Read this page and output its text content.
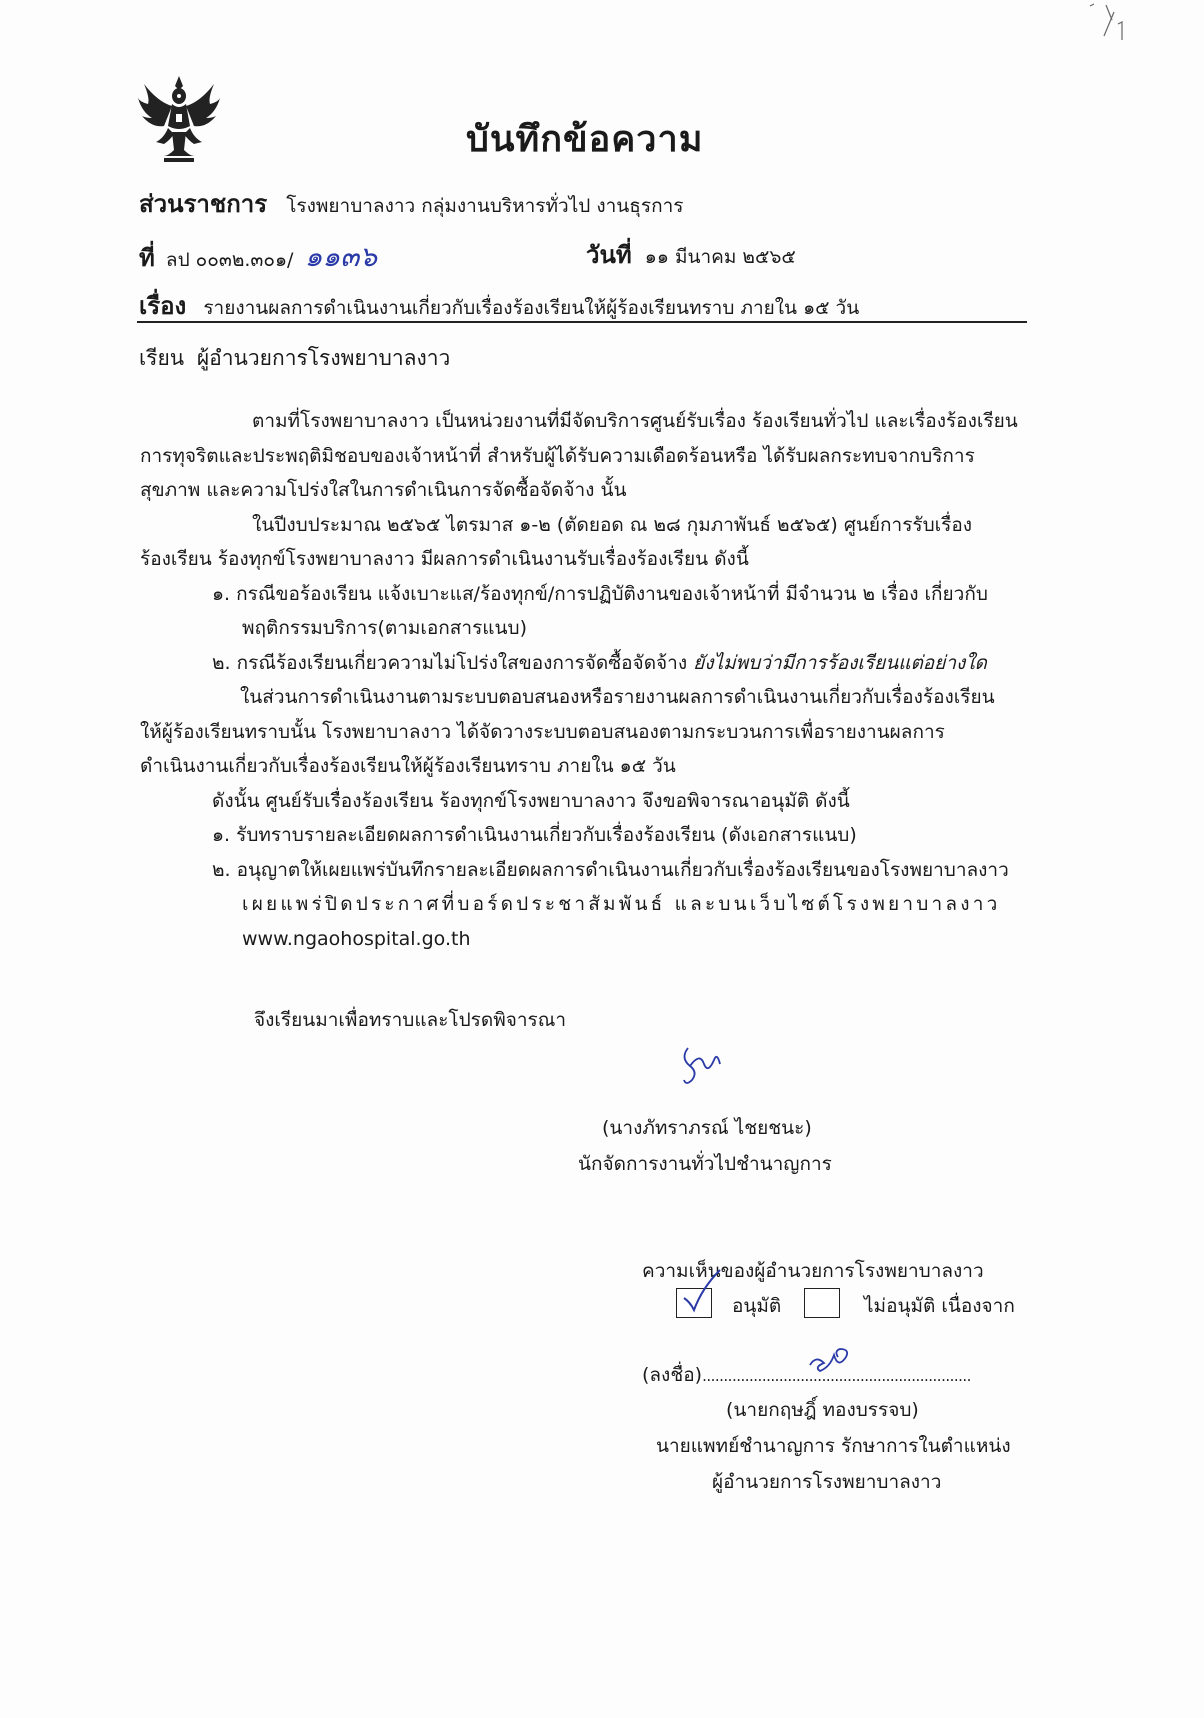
บันทึกข้อความ
ส่วนราชการ โรงพยาบาลงาว กลุ่มงานบริหารทั่วไป งานธุรการ
ที่ ลป ๐๐๓๒.๓๐๑/ ๑๑๓๖	วันที่ ๑๑ มีนาคม ๒๕๖๕
เรื่อง รายงานผลการดำเนินงานเกี่ยวกับเรื่องร้องเรียนให้ผู้ร้องเรียนทราบ ภายใน ๑๕ วัน
เรียน ผู้อำนวยการโรงพยาบาลงาว

ตามที่โรงพยาบาลงาว เป็นหน่วยงานที่มีจัดบริการศูนย์รับเรื่อง ร้องเรียนทั่วไป และเรื่องร้องเรียน

การทุจริตและประพฤติมิชอบของเจ้าหน้าที่ สำหรับผู้ได้รับความเดือดร้อนหรือ ได้รับผลกระทบจากบริการ

สุขภาพ และความโปร่งใสในการดำเนินการจัดซื้อจัดจ้าง นั้น

ในปีงบประมาณ ๒๕๖๕ ไตรมาส ๑-๒ (ตัดยอด ณ ๒๘ กุมภาพันธ์ ๒๕๖๕) ศูนย์การรับเรื่อง

ร้องเรียน ร้องทุกข์โรงพยาบาลงาว มีผลการดำเนินงานรับเรื่องร้องเรียน ดังนี้

๑. กรณีขอร้องเรียน แจ้งเบาะแส/ร้องทุกข์/การปฏิบัติงานของเจ้าหน้าที่ มีจำนวน ๒ เรื่อง เกี่ยวกับ

พฤติกรรมบริการ(ตามเอกสารแนบ)

๒. กรณีร้องเรียนเกี่ยวความไม่โปร่งใสของการจัดซื้อจัดจ้าง ยังไม่พบว่ามีการร้องเรียนแต่อย่างใด

ในส่วนการดำเนินงานตามระบบตอบสนองหรือรายงานผลการดำเนินงานเกี่ยวกับเรื่องร้องเรียน

ให้ผู้ร้องเรียนทราบนั้น โรงพยาบาลงาว ได้จัดวางระบบตอบสนองตามกระบวนการเพื่อรายงานผลการ

ดำเนินงานเกี่ยวกับเรื่องร้องเรียนให้ผู้ร้องเรียนทราบ ภายใน ๑๕ วัน

ดังนั้น ศูนย์รับเรื่องร้องเรียน ร้องทุกข์โรงพยาบาลงาว จึงขอพิจารณาอนุมัติ ดังนี้

๑. รับทราบรายละเอียดผลการดำเนินงานเกี่ยวกับเรื่องร้องเรียน (ดังเอกสารแนบ)

๒. อนุญาตให้เผยแพร่บันทึกรายละเอียดผลการดำเนินงานเกี่ยวกับเรื่องร้องเรียนของโรงพยาบาลงาว

เผยแพร่ปิดประกาศที่บอร์ดประชาสัมพันธ์ และบนเว็บไซต์โรงพยาบาลงาว

www.ngaohospital.go.th

จึงเรียนมาเพื่อทราบและโปรดพิจารณา
(นางภัทราภรณ์ ไชยชนะ)
นักจัดการงานทั่วไปชำนาญการ
ความเห็นของผู้อำนวยการโรงพยาบาลงาว
อนุมัติ	ไม่อนุมัติ เนื่องจาก
(ลงชื่อ)...............................................................
(นายกฤษฎิ์ ทองบรรจบ)
นายแพทย์ชำนาญการ รักษาการในตำแหน่ง
ผู้อำนวยการโรงพยาบาลงาว
